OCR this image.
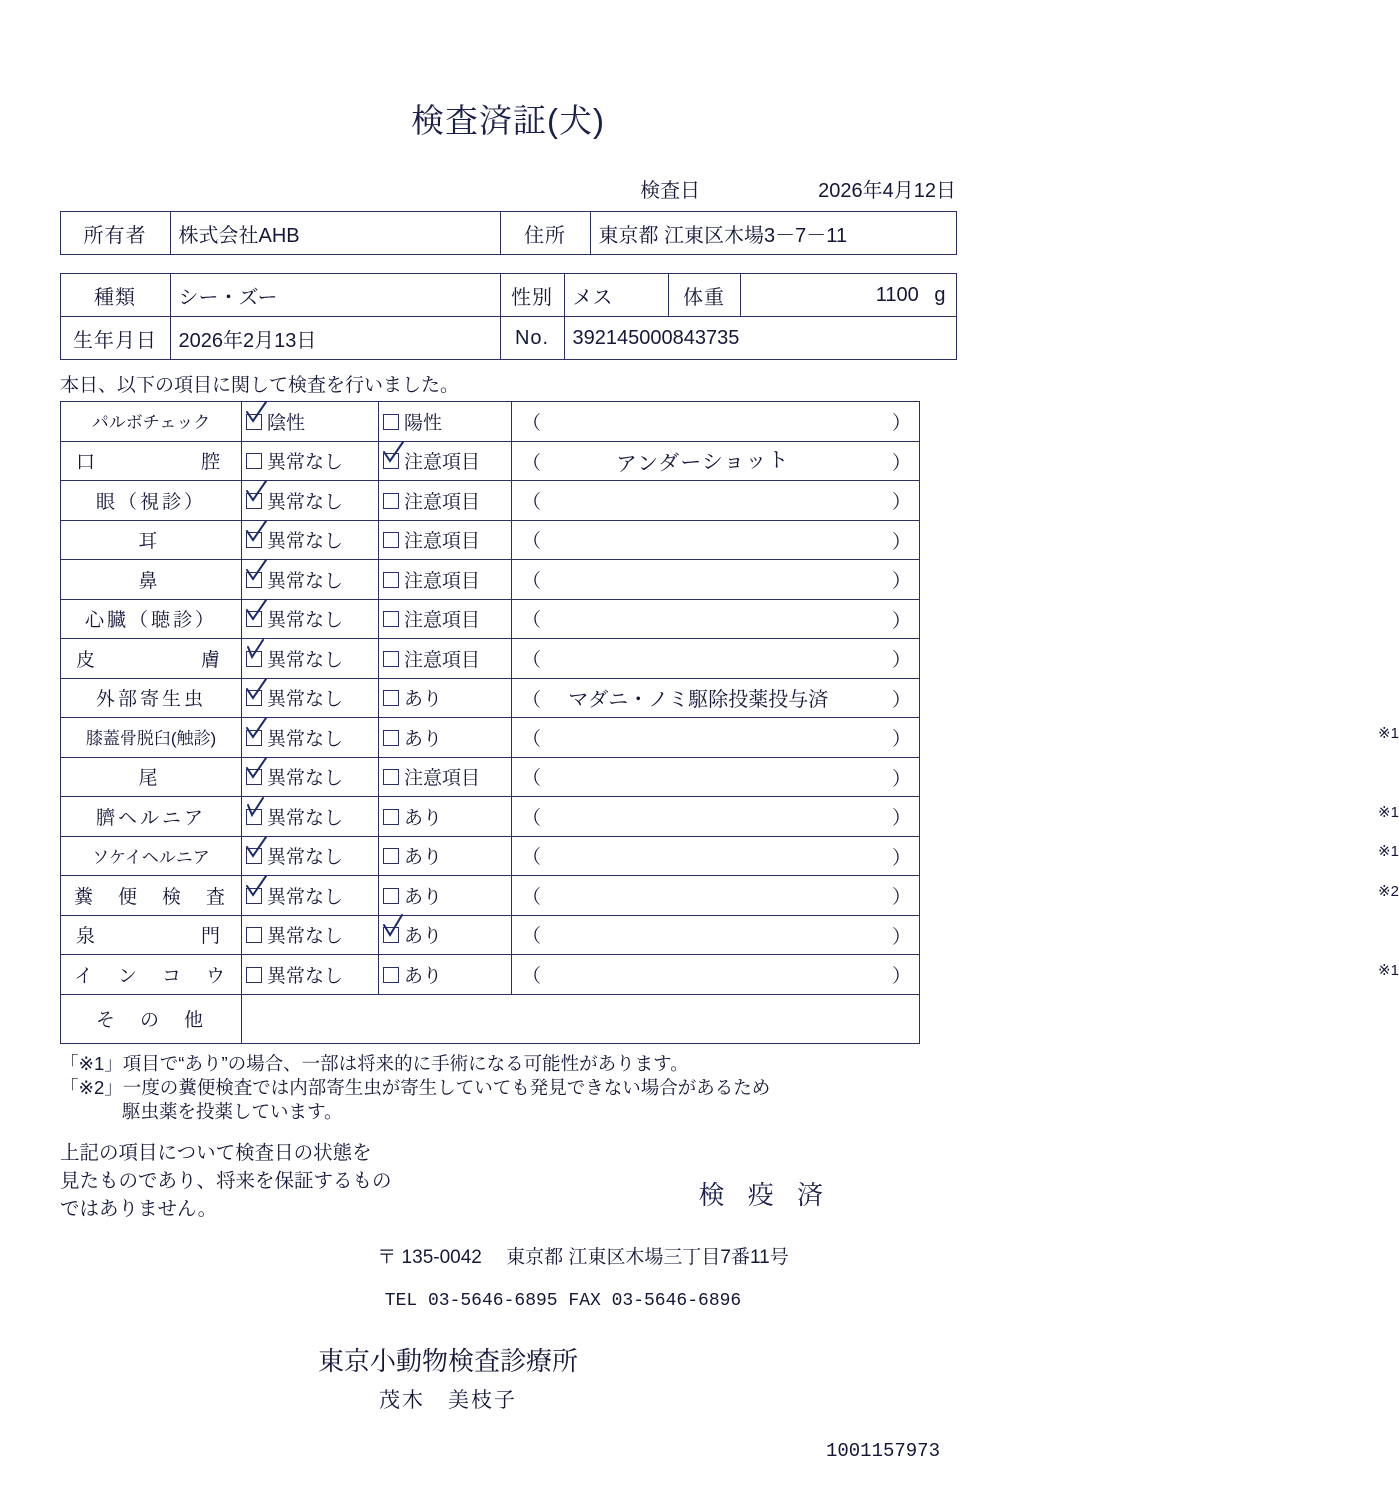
検査済証(犬)
検査日	2026年4月12日
所有者	株式会社AHB	住所	東京都 江東区木場3－7－11
種類	シー・ズー	性別	メス	体重	1100 g
生年月日	2026年2月13日	No.	392145000843735		
本日、以下の項目に関して検査を行いました。
パルボチェック	陰性	陽性	（ ）

口　　　　腔	異常なし	注意項目	（ アンダーショット ）

眼（視診）	異常なし	注意項目	（ ）

耳	異常なし	注意項目	（ ）

鼻	異常なし	注意項目	（ ）

心臓（聴診）	異常なし	注意項目	（ ）

皮　　　　膚	異常なし	注意項目	（ ）

外部寄生虫	異常なし	あり	（ マダニ・ノミ駆除投薬投与済 ）

膝蓋骨脱臼(触診)	異常なし	あり	（ ） ※1

尾	異常なし	注意項目	（ ）

臍ヘルニア	異常なし	あり	（ ） ※1

ソケイヘルニア	異常なし	あり	（ ） ※1

糞　便　検　査	異常なし	あり	（ ） ※2

泉　　　　門	異常なし	あり	（ ）

イ　ン　コ　ウ	異常なし	あり	（ ） ※1

そ　の　他			
「※1」項目で“あり”の場合、一部は将来的に手術になる可能性があります。
「※2」一度の糞便検査では内部寄生虫が寄生していても発見できない場合があるため
駆虫薬を投薬しています。
上記の項目について検査日の状態を
見たものであり、将来を保証するもの
ではありません。	検 疫 済
〒 135-0042　 東京都 江東区木場三丁目7番11号
TEL 03-5646-6895 FAX 03-5646-6896
東京小動物検査診療所
茂木　美枝子
1001157973
